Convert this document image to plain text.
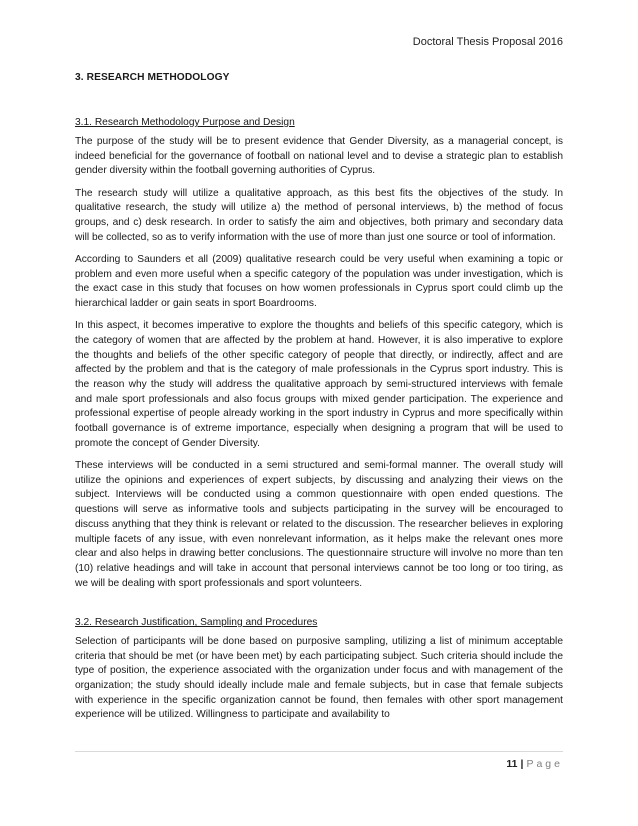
Doctoral Thesis Proposal 2016
3. RESEARCH METHODOLOGY
3.1. Research Methodology Purpose and Design

The purpose of the study will be to present evidence that Gender Diversity, as a managerial concept, is indeed beneficial for the governance of football on national level and to devise a strategic plan to establish gender diversity within the football governing authorities of Cyprus.

The research study will utilize a qualitative approach, as this best fits the objectives of the study. In qualitative research, the study will utilize a) the method of personal interviews, b) the method of focus groups, and c) desk research. In order to satisfy the aim and objectives, both primary and secondary data will be collected, so as to verify information with the use of more than just one source or tool of information.

According to Saunders et all (2009) qualitative research could be very useful when examining a topic or problem and even more useful when a specific category of the population was under investigation, which is the exact case in this study that focuses on how women professionals in Cyprus sport could climb up the hierarchical ladder or gain seats in sport Boardrooms.

In this aspect, it becomes imperative to explore the thoughts and beliefs of this specific category, which is the category of women that are affected by the problem at hand. However, it is also imperative to explore the thoughts and beliefs of the other specific category of people that directly, or indirectly, affect and are affected by the problem and that is the category of male professionals in the Cyprus sport industry. This is the reason why the study will address the qualitative approach by semi-structured interviews with female and male sport professionals and also focus groups with mixed gender participation. The experience and professional expertise of people already working in the sport industry in Cyprus and more specifically within football governance is of extreme importance, especially when designing a program that will be used to promote the concept of Gender Diversity.

These interviews will be conducted in a semi structured and semi-formal manner. The overall study will utilize the opinions and experiences of expert subjects, by discussing and analyzing their views on the subject. Interviews will be conducted using a common questionnaire with open ended questions. The questions will serve as informative tools and subjects participating in the survey will be encouraged to discuss anything that they think is relevant or related to the discussion. The researcher believes in exploring multiple facets of any issue, with even nonrelevant information, as it helps make the relevant ones more clear and also helps in drawing better conclusions. The questionnaire structure will involve no more than ten (10) relative headings and will take in account that personal interviews cannot be too long or too tiring, as we will be dealing with sport professionals and sport volunteers.

3.2. Research Justification, Sampling and Procedures

Selection of participants will be done based on purposive sampling, utilizing a list of minimum acceptable criteria that should be met (or have been met) by each participating subject. Such criteria should include the type of position, the experience associated with the organization under focus and with management of the organization; the study should ideally include male and female subjects, but in case that female subjects with experience in the specific organization cannot be found, then females with other sport management experience will be utilized. Willingness to participate and availability to

11 | Page
